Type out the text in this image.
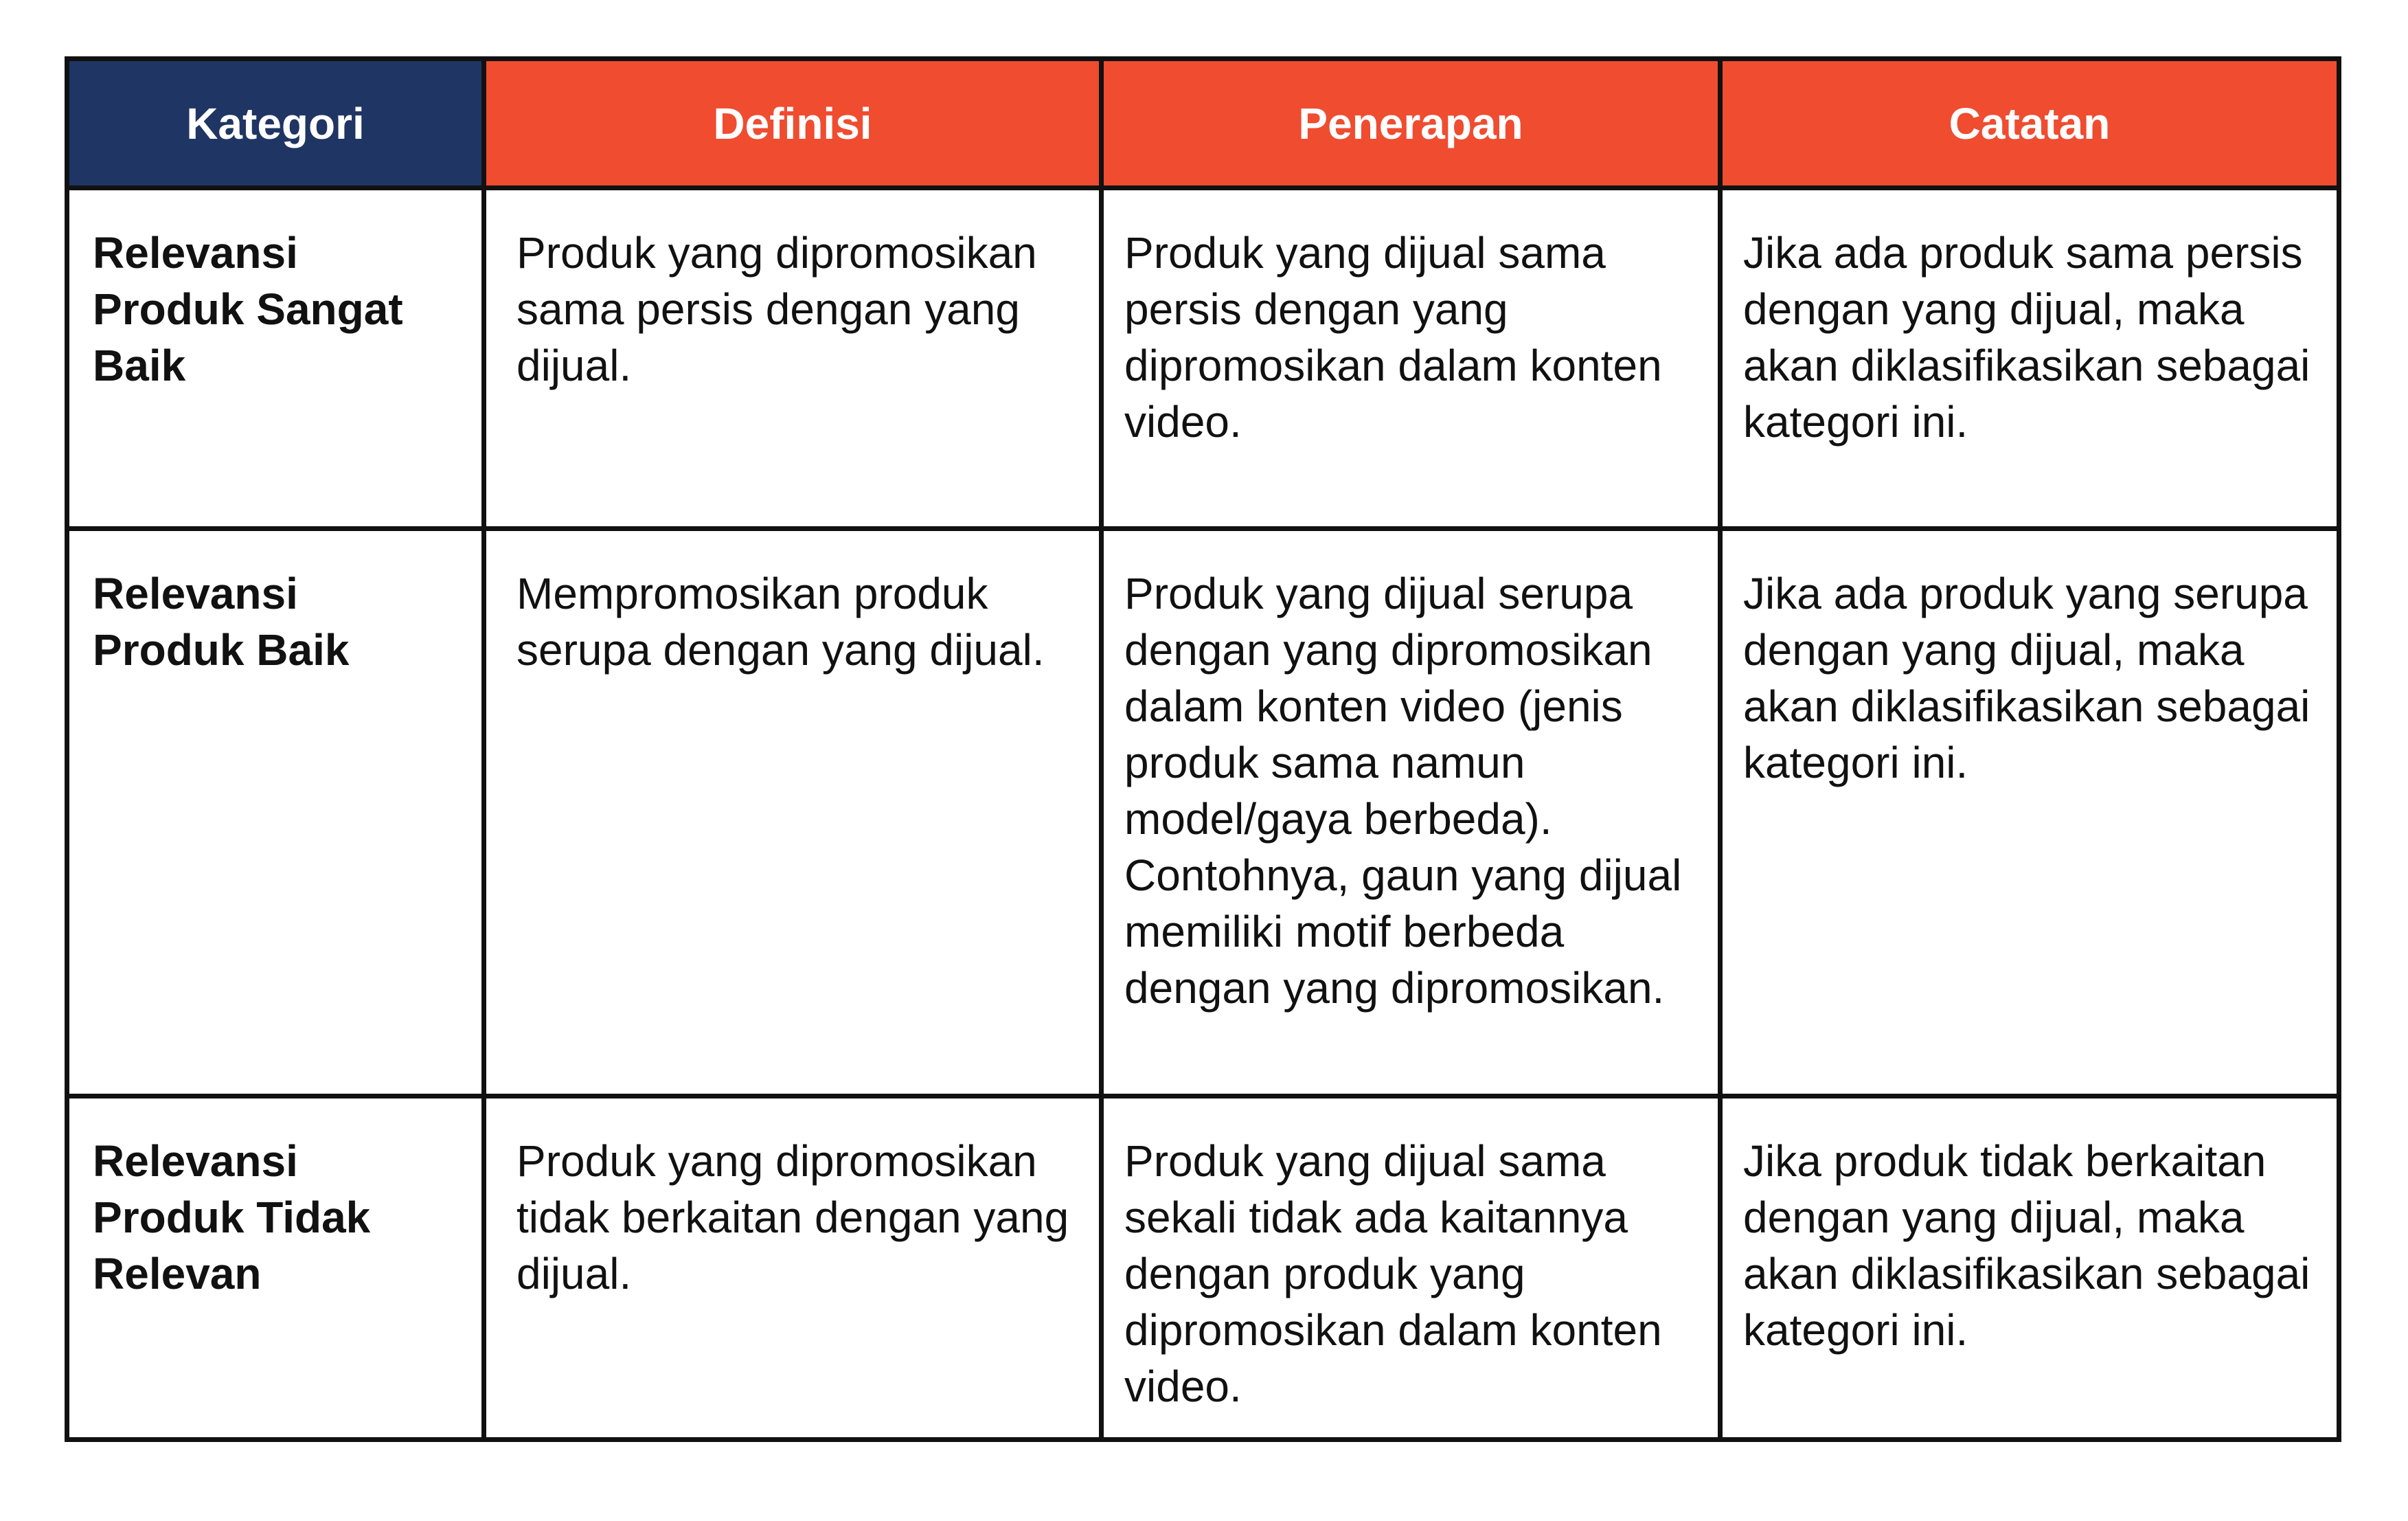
Kategori	Definisi	Penerapan	Catatan
Relevansi Produk Sangat Baik	Produk yang dipromosikan sama persis dengan yang dijual.	Produk yang dijual sama persis dengan yang dipromosikan dalam konten video.	Jika ada produk sama persis dengan yang dijual, maka akan diklasifikasikan sebagai kategori ini.
Relevansi Produk Baik	Mempromosikan produk serupa dengan yang dijual.	Produk yang dijual serupa dengan yang dipromosikan dalam konten video (jenis produk sama namun model/gaya berbeda). Contohnya, gaun yang dijual memiliki motif berbeda dengan yang dipromosikan.	Jika ada produk yang serupa dengan yang dijual, maka akan diklasifikasikan sebagai kategori ini.
Relevansi Produk Tidak Relevan	Produk yang dipromosikan tidak berkaitan dengan yang dijual.	Produk yang dijual sama sekali tidak ada kaitannya dengan produk yang dipromosikan dalam konten video.	Jika produk tidak berkaitan dengan yang dijual, maka akan diklasifikasikan sebagai kategori ini.
